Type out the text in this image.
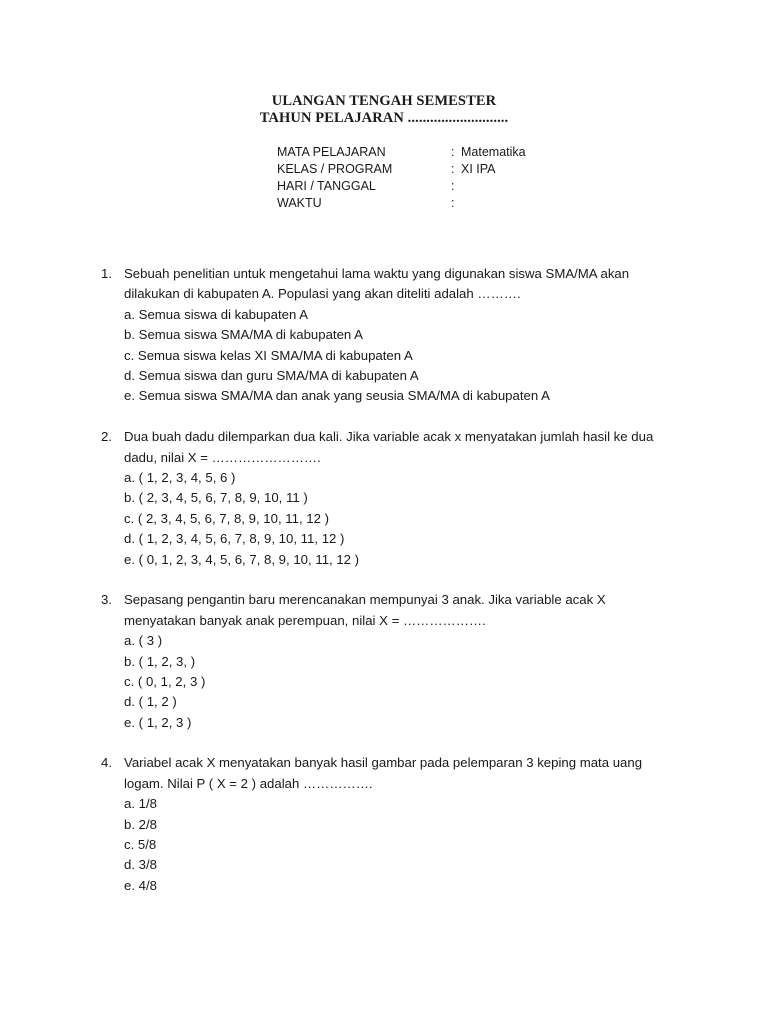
ULANGAN TENGAH SEMESTER
TAHUN PELAJARAN ...........................
MATA PELAJARAN	: Matematika
KELAS / PROGRAM	: XI IPA
HARI / TANGGAL	:
WAKTU	:
1. Sebuah penelitian untuk mengetahui lama waktu yang digunakan siswa SMA/MA akan
dilakukan di kabupaten A. Populasi yang akan diteliti adalah ……….
a. Semua siswa di kabupaten A
b. Semua siswa SMA/MA di kabupaten A
c. Semua siswa kelas XI SMA/MA di kabupaten A
d. Semua siswa dan guru SMA/MA di kabupaten A
e. Semua siswa SMA/MA dan anak yang seusia SMA/MA di kabupaten A
2. Dua buah dadu dilemparkan dua kali. Jika variable acak x menyatakan jumlah hasil ke dua
dadu, nilai X = …………………….
a. ( 1, 2, 3, 4, 5, 6 )
b. ( 2, 3, 4, 5, 6, 7, 8, 9, 10, 11 )
c. ( 2, 3, 4, 5, 6, 7, 8, 9, 10, 11, 12 )
d. ( 1, 2, 3, 4, 5, 6, 7, 8, 9, 10, 11, 12 )
e. ( 0, 1, 2, 3, 4, 5, 6, 7, 8, 9, 10, 11, 12 )
3. Sepasang pengantin baru merencanakan mempunyai 3 anak. Jika variable acak X
menyatakan banyak anak perempuan, nilai X = ……………….
a. ( 3 )
b. ( 1, 2, 3, )
c. ( 0, 1, 2, 3 )
d. ( 1, 2 )
e. ( 1, 2, 3 )
4. Variabel acak X menyatakan banyak hasil gambar pada pelemparan 3 keping mata uang
logam. Nilai P ( X = 2 ) adalah …………….
a. 1/8
b. 2/8
c. 5/8
d. 3/8
e. 4/8
